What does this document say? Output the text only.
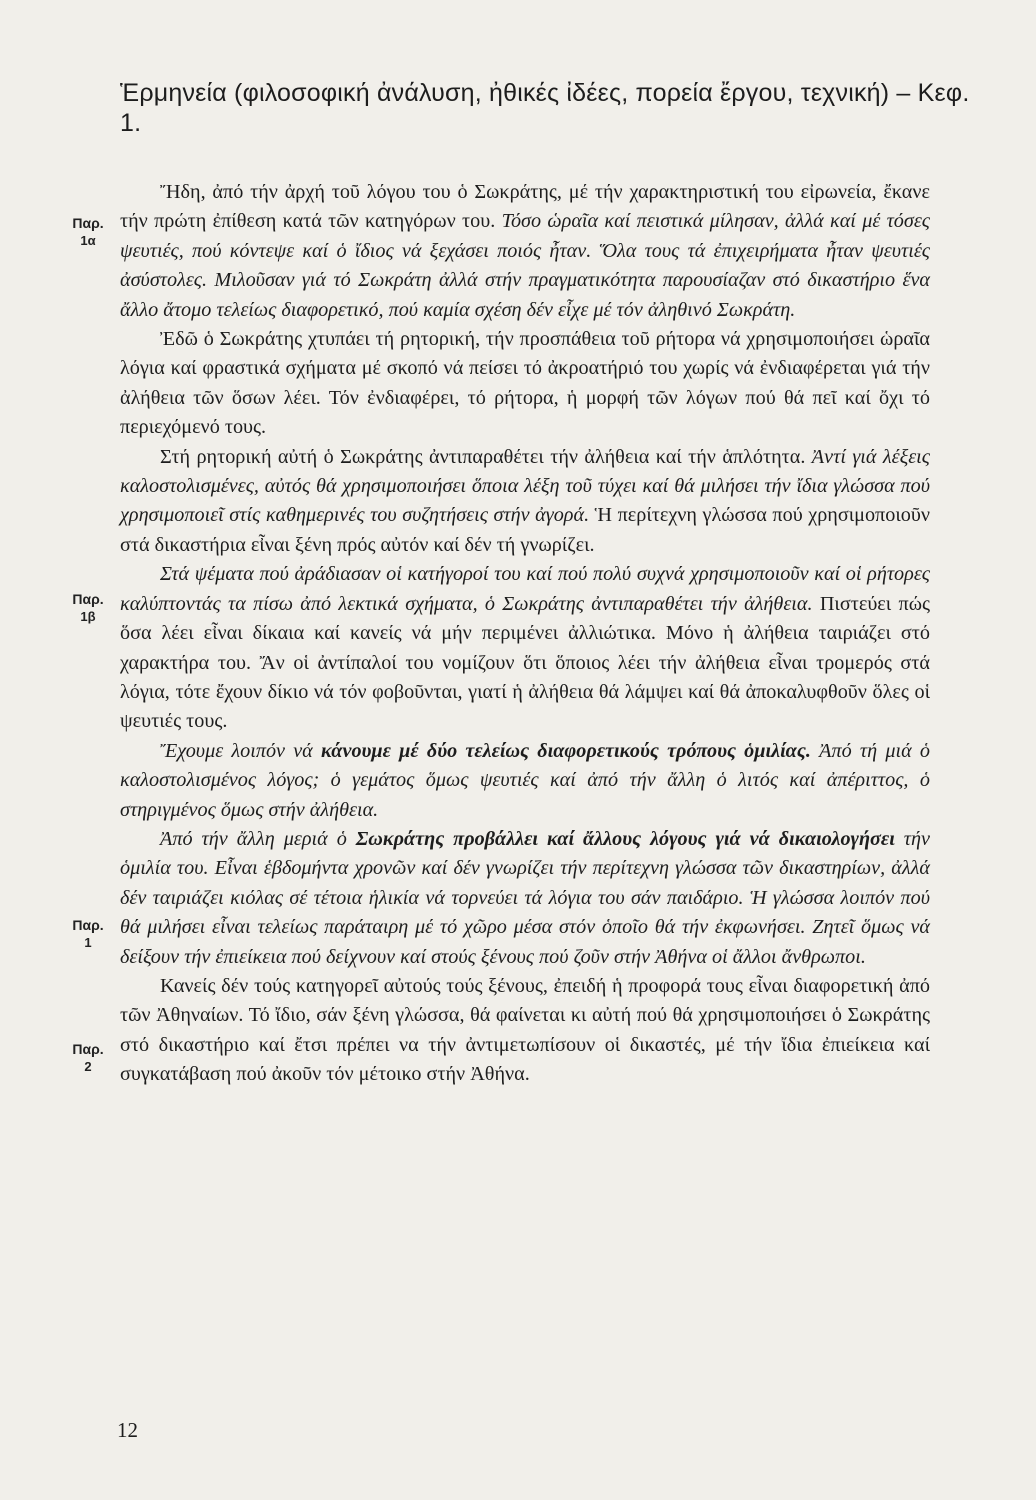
Ἑρμηνεία (φιλοσοφική ἀνάλυση, ἠθικές ἰδέες, πορεία ἔργου, τεχνική) – Κεφ. 1.
Παρ.
1α
Παρ.
1β
Παρ.
1
Παρ.
2

Ἤδη, ἀπό τήν ἀρχή τοῦ λόγου του ὁ Σωκράτης, μέ τήν χαρακτηριστική του εἰρωνεία, ἔκανε τήν πρώτη ἐπίθεση κατά τῶν κατηγόρων του. Τόσο ὡραῖα καί πειστικά μίλησαν, ἀλλά καί μέ τόσες ψευτιές, πού κόντεψε καί ὁ ἴδιος νά ξεχάσει ποιός ἦταν. Ὅλα τους τά ἐπιχειρήματα ἦταν ψευτιές ἀσύστολες. Μιλοῦσαν γιά τό Σωκράτη ἀλλά στήν πραγματικότητα παρουσίαζαν στό δικαστήριο ἕνα ἄλλο ἄτομο τελείως διαφορετικό, πού καμία σχέση δέν εἶχε μέ τόν ἀληθινό Σωκράτη.

Ἐδῶ ὁ Σωκράτης χτυπάει τή ρητορική, τήν προσπάθεια τοῦ ρήτορα νά χρησιμοποιήσει ὡραῖα λόγια καί φραστικά σχήματα μέ σκοπό νά πείσει τό ἀκροατήριό του χωρίς νά ἐνδιαφέρεται γιά τήν ἀλήθεια τῶν ὅσων λέει. Τόν ἐνδιαφέρει, τό ρήτορα, ἡ μορφή τῶν λόγων πού θά πεῖ καί ὄχι τό περιεχόμενό τους.

Στή ρητορική αὐτή ὁ Σωκράτης ἀντιπαραθέτει τήν ἀλήθεια καί τήν ἁπλότητα. Ἀντί γιά λέξεις καλοστολισμένες, αὐτός θά χρησιμοποιήσει ὅποια λέξη τοῦ τύχει καί θά μιλήσει τήν ἴδια γλώσσα πού χρησιμοποιεῖ στίς καθημερινές του συζητήσεις στήν ἀγορά. Ἡ περίτεχνη γλώσσα πού χρησιμοποιοῦν στά δικαστήρια εἶναι ξένη πρός αὐτόν καί δέν τή γνωρίζει.

Στά ψέματα πού ἀράδιασαν οἱ κατήγοροί του καί πού πολύ συχνά χρησιμοποιοῦν καί οἱ ρήτορες καλύπτοντάς τα πίσω ἀπό λεκτικά σχήματα, ὁ Σωκράτης ἀντιπαραθέτει τήν ἀλήθεια. Πιστεύει πώς ὅσα λέει εἶναι δίκαια καί κανείς νά μήν περιμένει ἀλλιώτικα. Μόνο ἡ ἀλήθεια ταιριάζει στό χαρακτήρα του. Ἄν οἱ ἀντίπαλοί του νομίζουν ὅτι ὅποιος λέει τήν ἀλήθεια εἶναι τρομερός στά λόγια, τότε ἔχουν δίκιο νά τόν φοβοῦνται, γιατί ἡ ἀλήθεια θά λάμψει καί θά ἀποκαλυφθοῦν ὅλες οἱ ψευτιές τους.

Ἔχουμε λοιπόν νά κάνουμε μέ δύο τελείως διαφορετικούς τρόπους ὁμιλίας. Ἀπό τή μιά ὁ καλοστολισμένος λόγος; ὁ γεμάτος ὅμως ψευτιές καί ἀπό τήν ἄλλη ὁ λιτός καί ἀπέριττος, ὁ στηριγμένος ὅμως στήν ἀλήθεια.

Ἀπό τήν ἄλλη μεριά ὁ Σωκράτης προβάλλει καί ἄλλους λόγους γιά νά δικαιολογήσει τήν ὁμιλία του. Εἶναι ἑβδομήντα χρονῶν καί δέν γνωρίζει τήν περίτεχνη γλώσσα τῶν δικαστηρίων, ἀλλά δέν ταιριάζει κιόλας σέ τέτοια ἡλικία νά τορνεύει τά λόγια του σάν παιδάριο. Ἡ γλώσσα λοιπόν πού θά μιλήσει εἶναι τελείως παράταιρη μέ τό χῶρο μέσα στόν ὁποῖο θά τήν ἐκφωνήσει. Ζητεῖ ὅμως νά δείξουν τήν ἐπιείκεια πού δείχνουν καί στούς ξένους πού ζοῦν στήν Ἀθήνα οἱ ἄλλοι ἄνθρωποι.

Κανείς δέν τούς κατηγορεῖ αὐτούς τούς ξένους, ἐπειδή ἡ προφορά τους εἶναι διαφορετική ἀπό τῶν Ἀθηναίων. Τό ἴδιο, σάν ξένη γλώσσα, θά φαίνεται κι αὐτή πού θά χρησιμοποιήσει ὁ Σωκράτης στό δικαστήριο καί ἔτσι πρέπει να τήν ἀντιμετωπίσουν οἱ δικαστές, μέ τήν ἴδια ἐπιείκεια καί συγκατάβαση πού ἀκοῦν τόν μέτοικο στήν Ἀθήνα.

12
